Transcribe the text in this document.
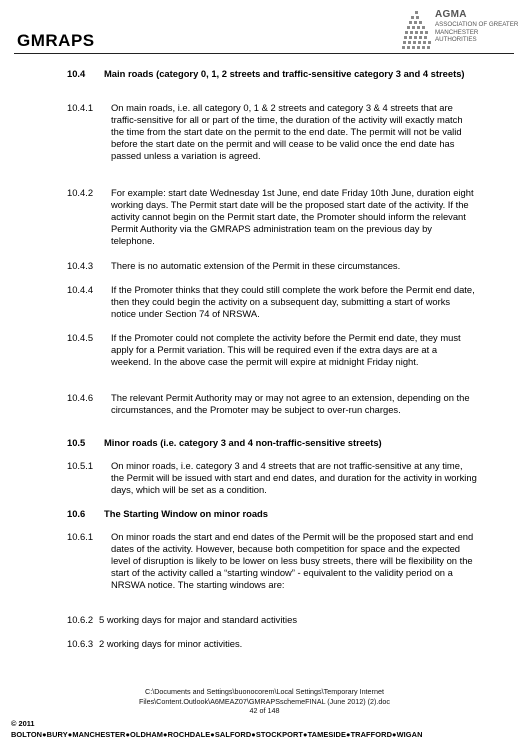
GMRAPS
AGMA
ASSOCIATION OF GREATER MANCHESTER AUTHORITIES
10.4 Main roads (category 0, 1, 2 streets and traffic-sensitive category 3 and 4 streets)
10.4.1 On main roads, i.e. all category 0, 1 & 2 streets and category 3 & 4 streets that are traffic-sensitive for all or part of the time, the duration of the activity will exactly match the time from the start date on the permit to the end date. The permit will not be valid before the start date on the permit and will cease to be valid once the end date has passed unless a variation is agreed.
10.4.2 For example: start date Wednesday 1st June, end date Friday 10th June, duration eight working days. The Permit start date will be the proposed start date of the activity. If the activity cannot begin on the Permit start date, the Promoter should inform the relevant Permit Authority via the GMRAPS administration team on the previous day by telephone.
10.4.3 There is no automatic extension of the Permit in these circumstances.
10.4.4 If the Promoter thinks that they could still complete the work before the Permit end date, then they could begin the activity on a subsequent day, submitting a start of works notice under Section 74 of NRSWA.
10.4.5 If the Promoter could not complete the activity before the Permit end date, they must apply for a Permit variation. This will be required even if the extra days are at a weekend. In the above case the permit will expire at midnight Friday night.
10.4.6 The relevant Permit Authority may or may not agree to an extension, depending on the circumstances, and the Promoter may be subject to over-run charges.
10.5 Minor roads (i.e. category 3 and 4 non-traffic-sensitive streets)
10.5.1 On minor roads, i.e. category 3 and 4 streets that are not traffic-sensitive at any time, the Permit will be issued with start and end dates, and duration for the activity in working days, which will be set as a condition.
10.6 The Starting Window on minor roads
10.6.1 On minor roads the start and end dates of the Permit will be the proposed start and end dates of the activity. However, because both competition for space and the expected level of disruption is likely to be lower on less busy streets, there will be flexibility on the start of the activity called a “starting window” - equivalent to the validity period on a NRSWA notice. The starting windows are:
10.6.2 5 working days for major and standard activities
10.6.3 2 working days for minor activities.
C:\Documents and Settings\buonocorem\Local Settings\Temporary Internet
Files\Content.Outlook\A6MEAZ07\GMRAPSschemeFINAL (June 2012) (2).doc
42 of 148
© 2011
BOLTON●BURY●MANCHESTER●OLDHAM●ROCHDALE●SALFORD●STOCKPORT●TAMESIDE●TRAFFORD●WIGAN
